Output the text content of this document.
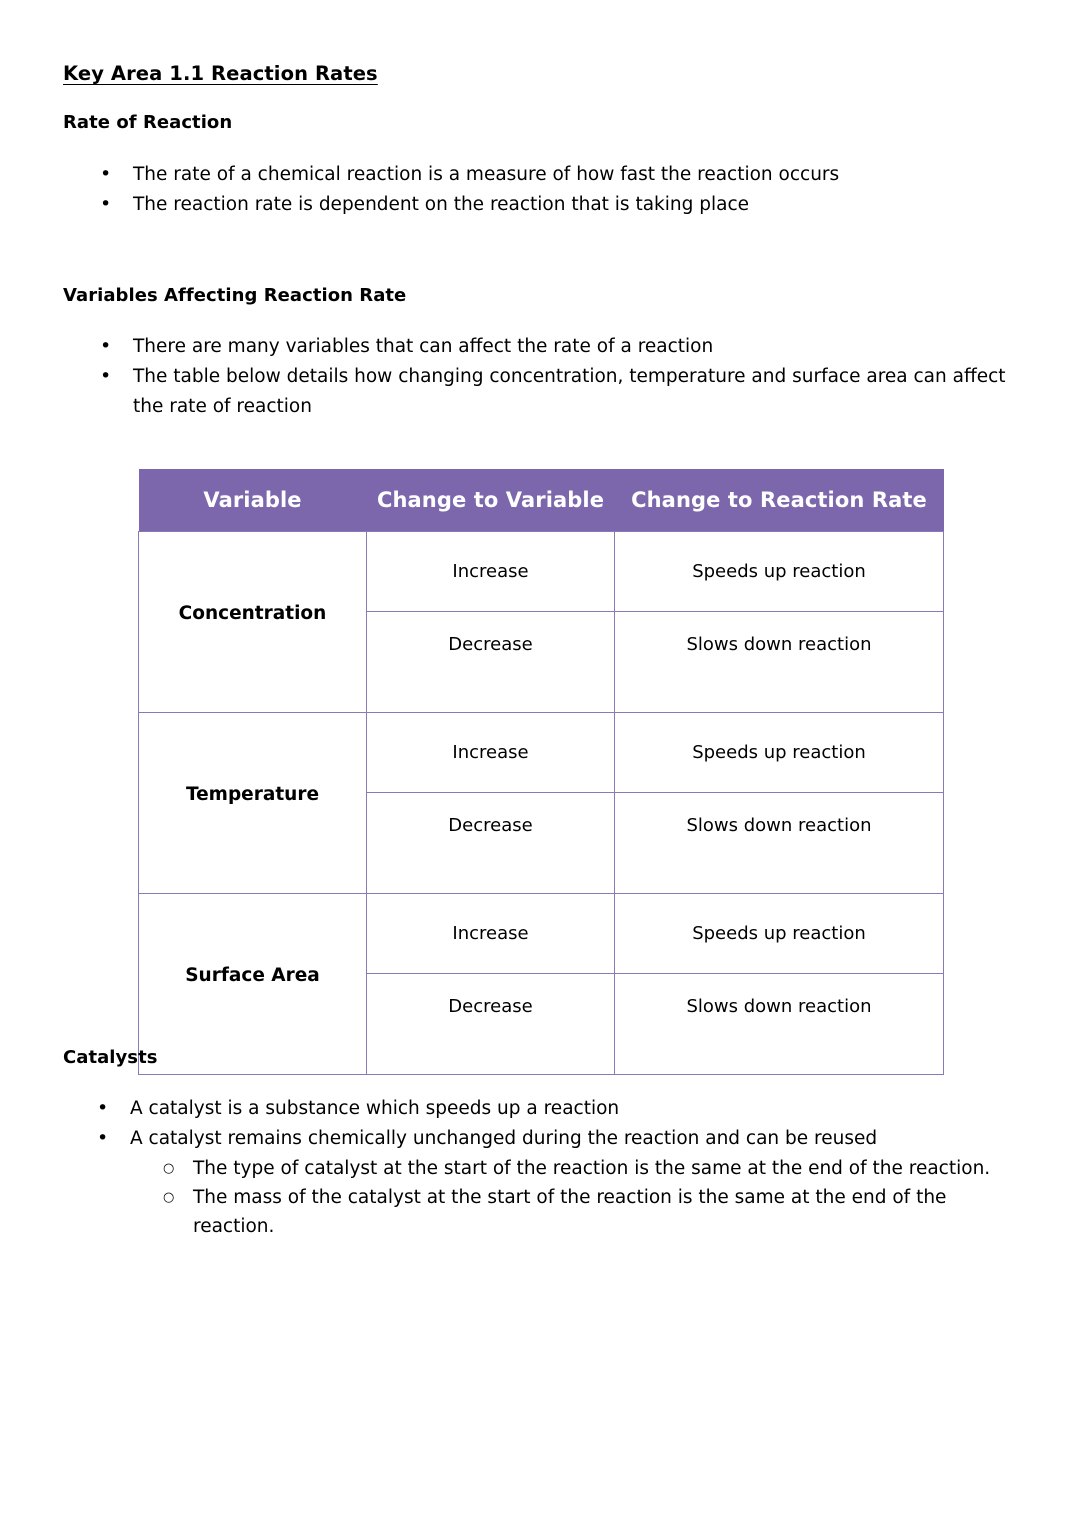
Key Area 1.1 Reaction Rates
Rate of Reaction
• The rate of a chemical reaction is a measure of how fast the reaction occurs
• The reaction rate is dependent on the reaction that is taking place
Variables Affecting Reaction Rate
• There are many variables that can affect the rate of a reaction
• The table below details how changing concentration, temperature and surface area can affect the rate of reaction
Variable	Change to Variable	Change to Reaction Rate
Concentration	Increase	Speeds up reaction
	Decrease	Slows down reaction
Temperature	Increase	Speeds up reaction
	Decrease	Slows down reaction
Surface Area	Increase	Speeds up reaction
	Decrease	Slows down reaction
Catalysts
• A catalyst is a substance which speeds up a reaction
• A catalyst remains chemically unchanged during the reaction and can be reused
○ The type of catalyst at the start of the reaction is the same at the end of the reaction.
○ The mass of the catalyst at the start of the reaction is the same at the end of the reaction.
